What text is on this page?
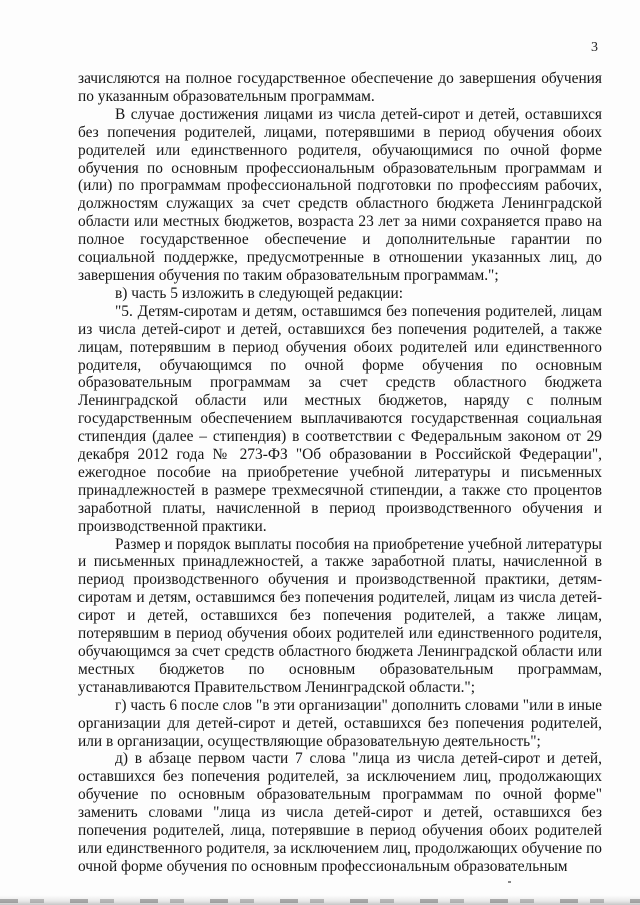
3

зачисляются на полное государственное обеспечение до завершения обучения по указанным образовательным программам.

В случае достижения лицами из числа детей-сирот и детей, оставшихся без попечения родителей, лицами, потерявшими в период обучения обоих родителей или единственного родителя, обучающимися по очной форме обучения по основным профессиональным образовательным программам и (или) по программам профессиональной подготовки по профессиям рабочих, должностям служащих за счет средств областного бюджета Ленинградской области или местных бюджетов, возраста 23 лет за ними сохраняется право на полное государственное обеспечение и дополнительные гарантии по социальной поддержке, предусмотренные в отношении указанных лиц, до завершения обучения по таким образовательным программам.";

в) часть 5 изложить в следующей редакции:

"5. Детям-сиротам и детям, оставшимся без попечения родителей, лицам из числа детей-сирот и детей, оставшихся без попечения родителей, а также лицам, потерявшим в период обучения обоих родителей или единственного родителя, обучающимся по очной форме обучения по основным образовательным программам за счет средств областного бюджета Ленинградской области или местных бюджетов, наряду с полным государственным обеспечением выплачиваются государственная социальная стипендия (далее – стипендия) в соответствии с Федеральным законом от 29 декабря 2012 года № 273-ФЗ "Об образовании в Российской Федерации", ежегодное пособие на приобретение учебной литературы и письменных принадлежностей в размере трехмесячной стипендии, а также сто процентов заработной платы, начисленной в период производственного обучения и производственной практики.

Размер и порядок выплаты пособия на приобретение учебной литературы и письменных принадлежностей, а также заработной платы, начисленной в период производственного обучения и производственной практики, детям-сиротам и детям, оставшимся без попечения родителей, лицам из числа детей-сирот и детей, оставшихся без попечения родителей, а также лицам, потерявшим в период обучения обоих родителей или единственного родителя, обучающимся за счет средств областного бюджета Ленинградской области или местных бюджетов по основным образовательным программам, устанавливаются Правительством Ленинградской области.";

г) часть 6 после слов "в эти организации" дополнить словами "или в иные организации для детей-сирот и детей, оставшихся без попечения родителей, или в организации, осуществляющие образовательную деятельность";

д) в абзаце первом части 7 слова "лица из числа детей-сирот и детей, оставшихся без попечения родителей, за исключением лиц, продолжающих обучение по основным образовательным программам по очной форме" заменить словами "лица из числа детей-сирот и детей, оставшихся без попечения родителей, лица, потерявшие в период обучения обоих родителей или единственного родителя, за исключением лиц, продолжающих обучение по очной форме обучения по основным профессиональным образовательным
